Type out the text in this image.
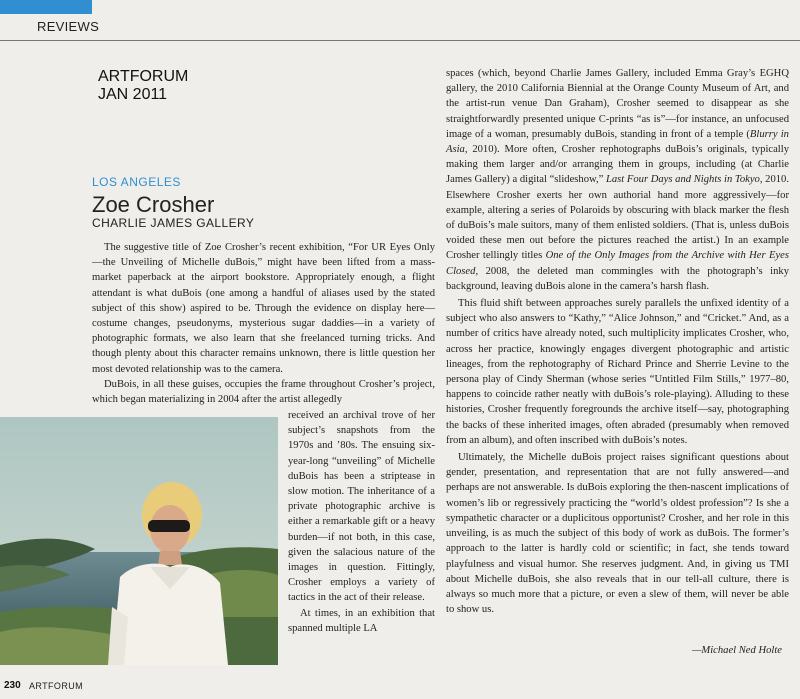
REVIEWS
ARTFORUM
JAN 2011
LOS ANGELES
Zoe Crosher
CHARLIE JAMES GALLERY

The suggestive title of Zoe Crosher’s recent exhibition, “For UR Eyes Only—the Unveiling of Michelle duBois,” might have been lifted from a mass-market paperback at the airport bookstore. Appropriately enough, a flight attendant is what duBois (one among a handful of aliases used by the stated subject of this show) aspired to be. Through the evidence on display here—costume changes, pseudonyms, mysterious sugar daddies—in a variety of photographic formats, we also learn that she freelanced turning tricks. And though plenty about this character remains unknown, there is little question her most devoted relationship was to the camera.

DuBois, in all these guises, occupies the frame throughout Crosher’s project, which began materializing in 2004 after the artist allegedly

received an archival trove of her subject’s snapshots from the 1970s and ’80s. The ensuing six-year-long “unveiling” of Michelle duBois has been a striptease in slow motion. The inheritance of a private photographic archive is either a remarkable gift or a heavy burden—if not both, in this case, given the salacious nature of the images in question. Fittingly, Crosher employs a variety of tactics in the act of their release.

At times, in an exhibition that spanned multiple LA

spaces (which, beyond Charlie James Gallery, included Emma Gray’s EGHQ gallery, the 2010 California Biennial at the Orange County Museum of Art, and the artist-run venue Dan Graham), Crosher seemed to disappear as she straightforwardly presented unique C-prints “as is”—for instance, an unfocused image of a woman, presumably duBois, standing in front of a temple (Blurry in Asia, 2010). More often, Crosher rephotographs duBois’s originals, typically making them larger and/or arranging them in groups, including (at Charlie James Gallery) a digital “slideshow,” Last Four Days and Nights in Tokyo, 2010. Elsewhere Crosher exerts her own authorial hand more aggressively—for example, altering a series of Polaroids by obscuring with black marker the flesh of duBois’s male suitors, many of them enlisted soldiers. (That is, unless duBois voided these men out before the pictures reached the artist.) In an example Crosher tellingly titles One of the Only Images from the Archive with Her Eyes Closed, 2008, the deleted man commingles with the photograph’s inky background, leaving duBois alone in the camera’s harsh flash.

This fluid shift between approaches surely parallels the unfixed identity of a subject who also answers to “Kathy,” “Alice Johnson,” and “Cricket.” And, as a number of critics have already noted, such multiplicity implicates Crosher, who, across her practice, knowingly engages divergent photographic and artistic lineages, from the rephotography of Richard Prince and Sherrie Levine to the persona play of Cindy Sherman (whose series “Untitled Film Stills,” 1977–80, happens to coincide rather neatly with duBois’s role-playing). Alluding to these histories, Crosher frequently foregrounds the archive itself—say, photographing the backs of these inherited images, often abraded (presumably when removed from an album), and often inscribed with duBois’s notes.

Ultimately, the Michelle duBois project raises significant questions about gender, presentation, and representation that are not fully answered—and perhaps are not answerable. Is duBois exploring the then-nascent implications of women’s lib or regressively practicing the “world’s oldest profession”? Is she a sympathetic character or a duplicitous opportunist? Crosher, and her role in this unveiling, is as much the subject of this body of work as duBois. The former’s approach to the latter is hardly cold or scientific; in fact, she tends toward playfulness and visual humor. She reserves judgment. And, in giving us TMI about Michelle duBois, she also reveals that in our tell-all culture, there is always so much more that a picture, or even a slew of them, will never be able to show us.

—Michael Ned Holte
230 ARTFORUM
